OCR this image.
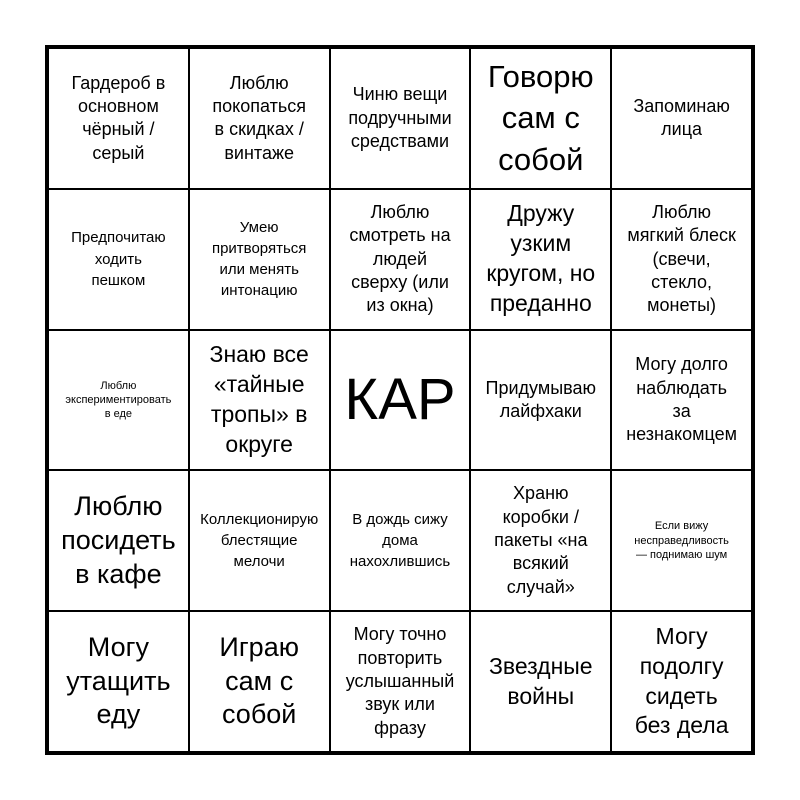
Гардероб в
основном
чёрный /
серый
Люблю
покопаться
в скидках /
винтаже
Чиню вещи
подручными
средствами
Говорю
сам с
собой
Запоминаю
лица
Предпочитаю
ходить
пешком
Умею
притворяться
или менять
интонацию
Люблю
смотреть на
людей
сверху (или
из окна)
Дружу
узким
кругом, но
преданно
Люблю
мягкий блеск
(свечи,
стекло,
монеты)
Люблю
экспериментировать
в еде
Знаю все
«тайные
тропы» в
округе
КАР	Придумываю
лайфхаки
Могу долго
наблюдать
за
незнакомцем
Люблю
посидеть
в кафе
Коллекционирую
блестящие
мелочи
В дождь сижу
дома
нахохлившись
Храню
коробки /
пакеты «на
всякий
случай»
Если вижу
несправедливость
— поднимаю шум
Могу
утащить
еду
Играю
сам с
собой
Могу точно
повторить
услышанный
звук или
фразу
Звездные
войны
Могу
подолгу
сидеть
без дела
